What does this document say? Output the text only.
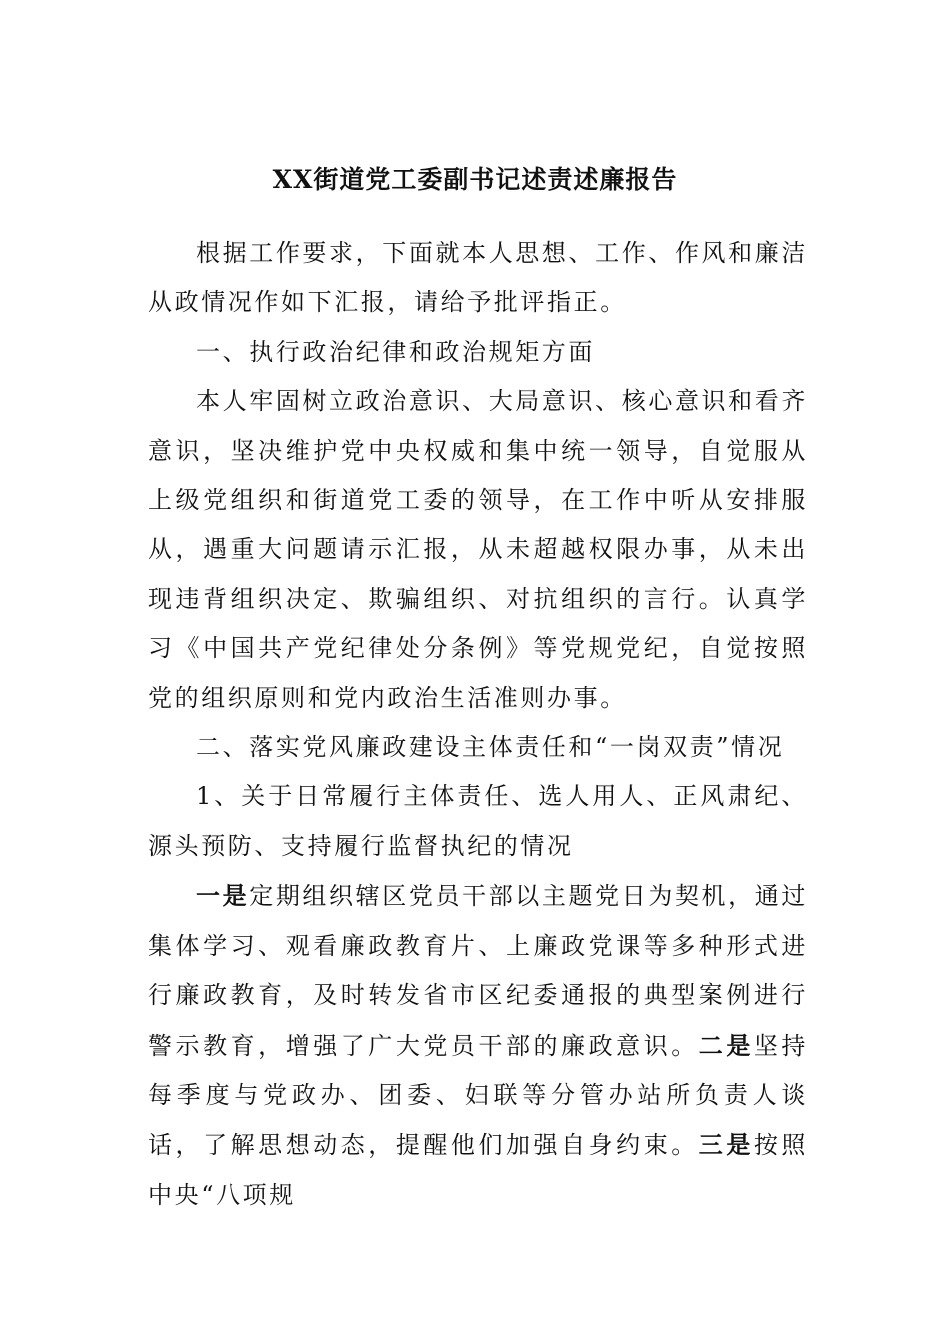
XX街道党工委副书记述责述廉报告

根据工作要求，下面就本人思想、工作、作风和廉洁从政情况作如下汇报，请给予批评指正。

一、执行政治纪律和政治规矩方面

本人牢固树立政治意识、大局意识、核心意识和看齐意识，坚决维护党中央权威和集中统一领导，自觉服从上级党组织和街道党工委的领导，在工作中听从安排服从，遇重大问题请示汇报，从未超越权限办事，从未出现违背组织决定、欺骗组织、对抗组织的言行。认真学习《中国共产党纪律处分条例》等党规党纪，自觉按照党的组织原则和党内政治生活准则办事。

二、落实党风廉政建设主体责任和“一岗双责”情况

1、关于日常履行主体责任、选人用人、正风肃纪、源头预防、支持履行监督执纪的情况

一是定期组织辖区党员干部以主题党日为契机，通过集体学习、观看廉政教育片、上廉政党课等多种形式进行廉政教育，及时转发省市区纪委通报的典型案例进行警示教育，增强了广大党员干部的廉政意识。二是坚持每季度与党政办、团委、妇联等分管办站所负责人谈话，了解思想动态，提醒他们加强自身约束。三是按照中央“八项规
